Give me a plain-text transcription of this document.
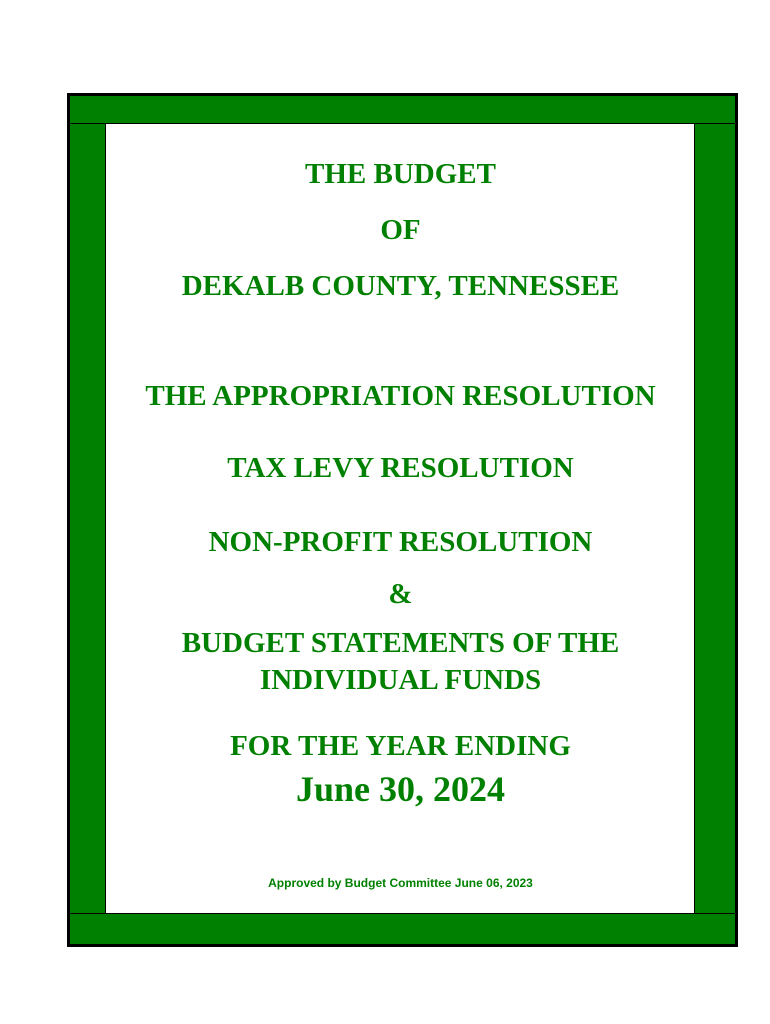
THE BUDGET
OF
DEKALB COUNTY, TENNESSEE
THE APPROPRIATION RESOLUTION
TAX LEVY RESOLUTION
NON-PROFIT RESOLUTION
&
BUDGET STATEMENTS OF THE
INDIVIDUAL FUNDS
FOR THE YEAR ENDING
June 30, 2024
Approved by Budget Committee June 06, 2023
